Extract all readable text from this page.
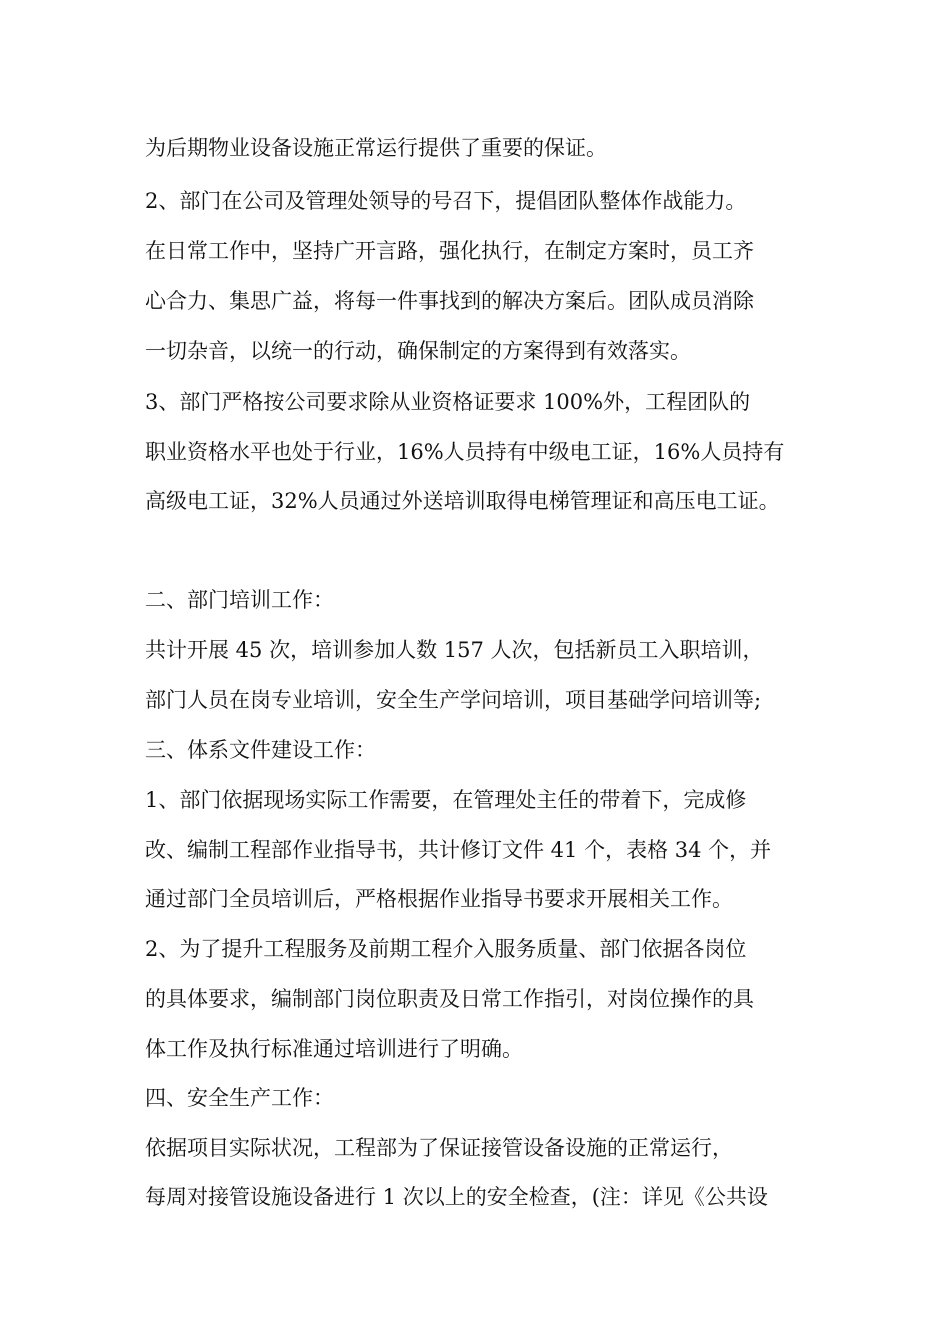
为后期物业设备设施正常运行提供了重要的保证。
2、部门在公司及管理处领导的号召下，提倡团队整体作战能力。
在日常工作中，坚持广开言路，强化执行，在制定方案时，员工齐
心合力、集思广益，将每一件事找到的解决方案后。团队成员消除
一切杂音，以统一的行动，确保制定的方案得到有效落实。
3、部门严格按公司要求除从业资格证要求 100%外，工程团队的
职业资格水平也处于行业，16%人员持有中级电工证，16%人员持有
高级电工证，32%人员通过外送培训取得电梯管理证和高压电工证。
二、部门培训工作：
共计开展 45 次，培训参加人数 157 人次，包括新员工入职培训，
部门人员在岗专业培训，安全生产学问培训，项目基础学问培训等;
三、体系文件建设工作：
1、部门依据现场实际工作需要，在管理处主任的带着下，完成修
改、编制工程部作业指导书，共计修订文件 41 个，表格 34 个，并
通过部门全员培训后，严格根据作业指导书要求开展相关工作。
2、为了提升工程服务及前期工程介入服务质量、部门依据各岗位
的具体要求，编制部门岗位职责及日常工作指引，对岗位操作的具
体工作及执行标准通过培训进行了明确。
四、安全生产工作：
依据项目实际状况，工程部为了保证接管设备设施的正常运行，
每周对接管设施设备进行 1 次以上的安全检查，(注：详见《公共设
